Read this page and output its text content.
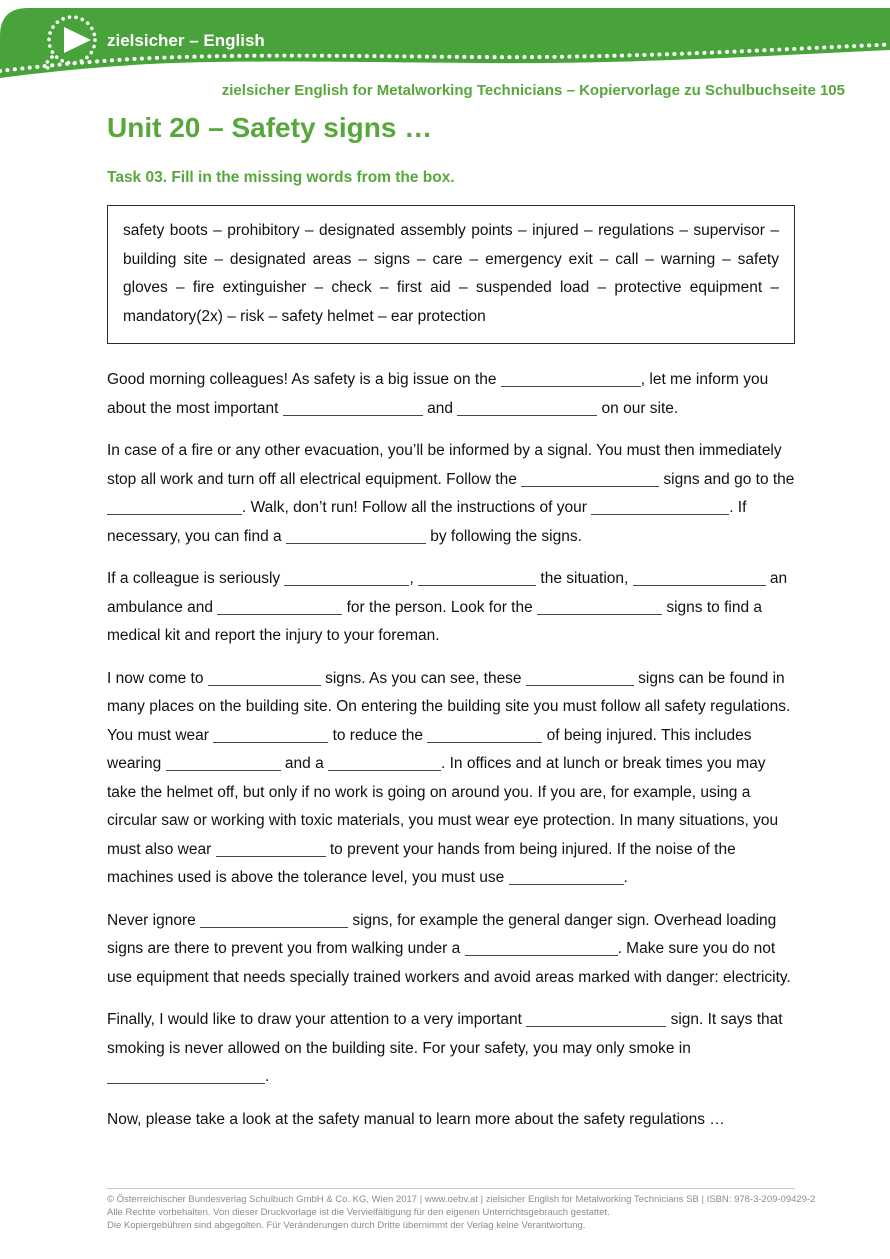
zielsicher – English
zielsicher English for Metalworking Technicians – Kopiervorlage zu Schulbuchseite 105
Unit 20 – Safety signs …
Task 03. Fill in the missing words from the box.
safety boots – prohibitory – designated assembly points – injured – regulations – supervisor – building site – designated areas – signs – care – emergency exit – call – warning – safety gloves – fire extinguisher – check – first aid – suspended load – protective equipment – mandatory(2x) – risk – safety helmet – ear protection

Good morning colleagues! As safety is a big issue on the	, let me inform you about the most important	and	on our site.

In case of a fire or any other evacuation, you’ll be informed by a signal. You must then immediately stop all work and turn off all electrical equipment. Follow the	signs and go to the . Walk, don’t run! Follow all the instructions of your	. If necessary, you can find a	by following the signs.

If a colleague is seriously	,	the situation,	an ambulance and	for the person. Look for the	signs to find a medical kit and report the injury to your foreman.

I now come to	signs. As you can see, these	signs can be found in many places on the building site. On entering the building site you must follow all safety regulations. You must wear	to reduce the	of being injured. This includes wearing	and a	. In offices and at lunch or break times you may take the helmet off, but only if no work is going on around you. If you are, for example, using a circular saw or working with toxic materials, you must wear eye protection. In many situations, you must also wear	to prevent your hands from being injured. If the noise of the machines used is above the tolerance level, you must use	.

Never ignore	signs, for example the general danger sign. Overhead loading signs are there to prevent you from walking under a	. Make sure you do not use equipment that needs specially trained workers and avoid areas marked with danger: electricity.

Finally, I would like to draw your attention to a very important	sign. It says that smoking is never allowed on the building site. For your safety, you may only smoke in .

Now, please take a look at the safety manual to learn more about the safety regulations …

© Österreichischer Bundesverlag Schulbuch GmbH & Co. KG, Wien 2017 | www.oebv.at | zielsicher English for Metalworking Technicians SB | ISBN: 978-3-209-09429-2
Alle Rechte vorbehalten. Von dieser Druckvorlage ist die Vervielfältigung für den eigenen Unterrichtsgebrauch gestattet.
Die Kopiergebühren sind abgegolten. Für Veränderungen durch Dritte übernimmt der Verlag keine Verantwortung.
